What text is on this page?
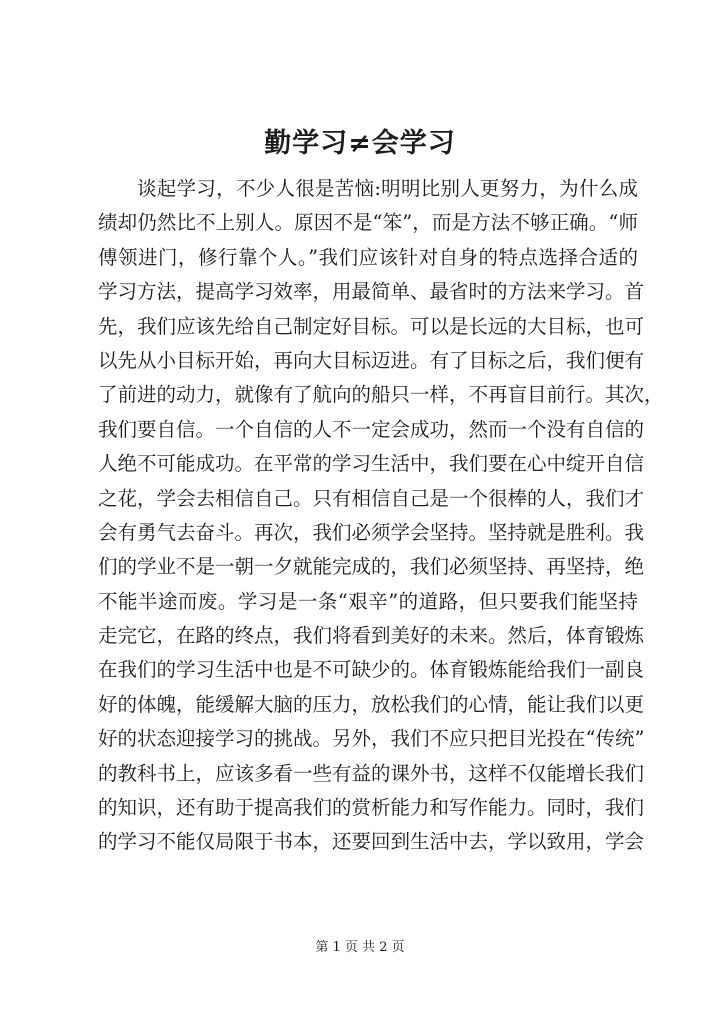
勤学习≠会学习
谈起学习，不少人很是苦恼:明明比别人更努力，为什么成
绩却仍然比不上别人。原因不是“笨”，而是方法不够正确。“师
傅领进门，修行靠个人。”我们应该针对自身的特点选择合适的
学习方法，提高学习效率，用最简单、最省时的方法来学习。首
先，我们应该先给自己制定好目标。可以是长远的大目标，也可
以先从小目标开始，再向大目标迈进。有了目标之后，我们便有
了前进的动力，就像有了航向的船只一样，不再盲目前行。其次，
我们要自信。一个自信的人不一定会成功，然而一个没有自信的
人绝不可能成功。在平常的学习生活中，我们要在心中绽开自信
之花，学会去相信自己。只有相信自己是一个很棒的人，我们才
会有勇气去奋斗。再次，我们必须学会坚持。坚持就是胜利。我
们的学业不是一朝一夕就能完成的，我们必须坚持、再坚持，绝
不能半途而废。学习是一条“艰辛”的道路，但只要我们能坚持
走完它，在路的终点，我们将看到美好的未来。然后，体育锻炼
在我们的学习生活中也是不可缺少的。体育锻炼能给我们一副良
好的体魄，能缓解大脑的压力，放松我们的心情，能让我们以更
好的状态迎接学习的挑战。另外，我们不应只把目光投在“传统”
的教科书上，应该多看一些有益的课外书，这样不仅能增长我们
的知识，还有助于提高我们的赏析能力和写作能力。同时，我们
的学习不能仅局限于书本，还要回到生活中去，学以致用，学会
第 1 页 共 2 页
